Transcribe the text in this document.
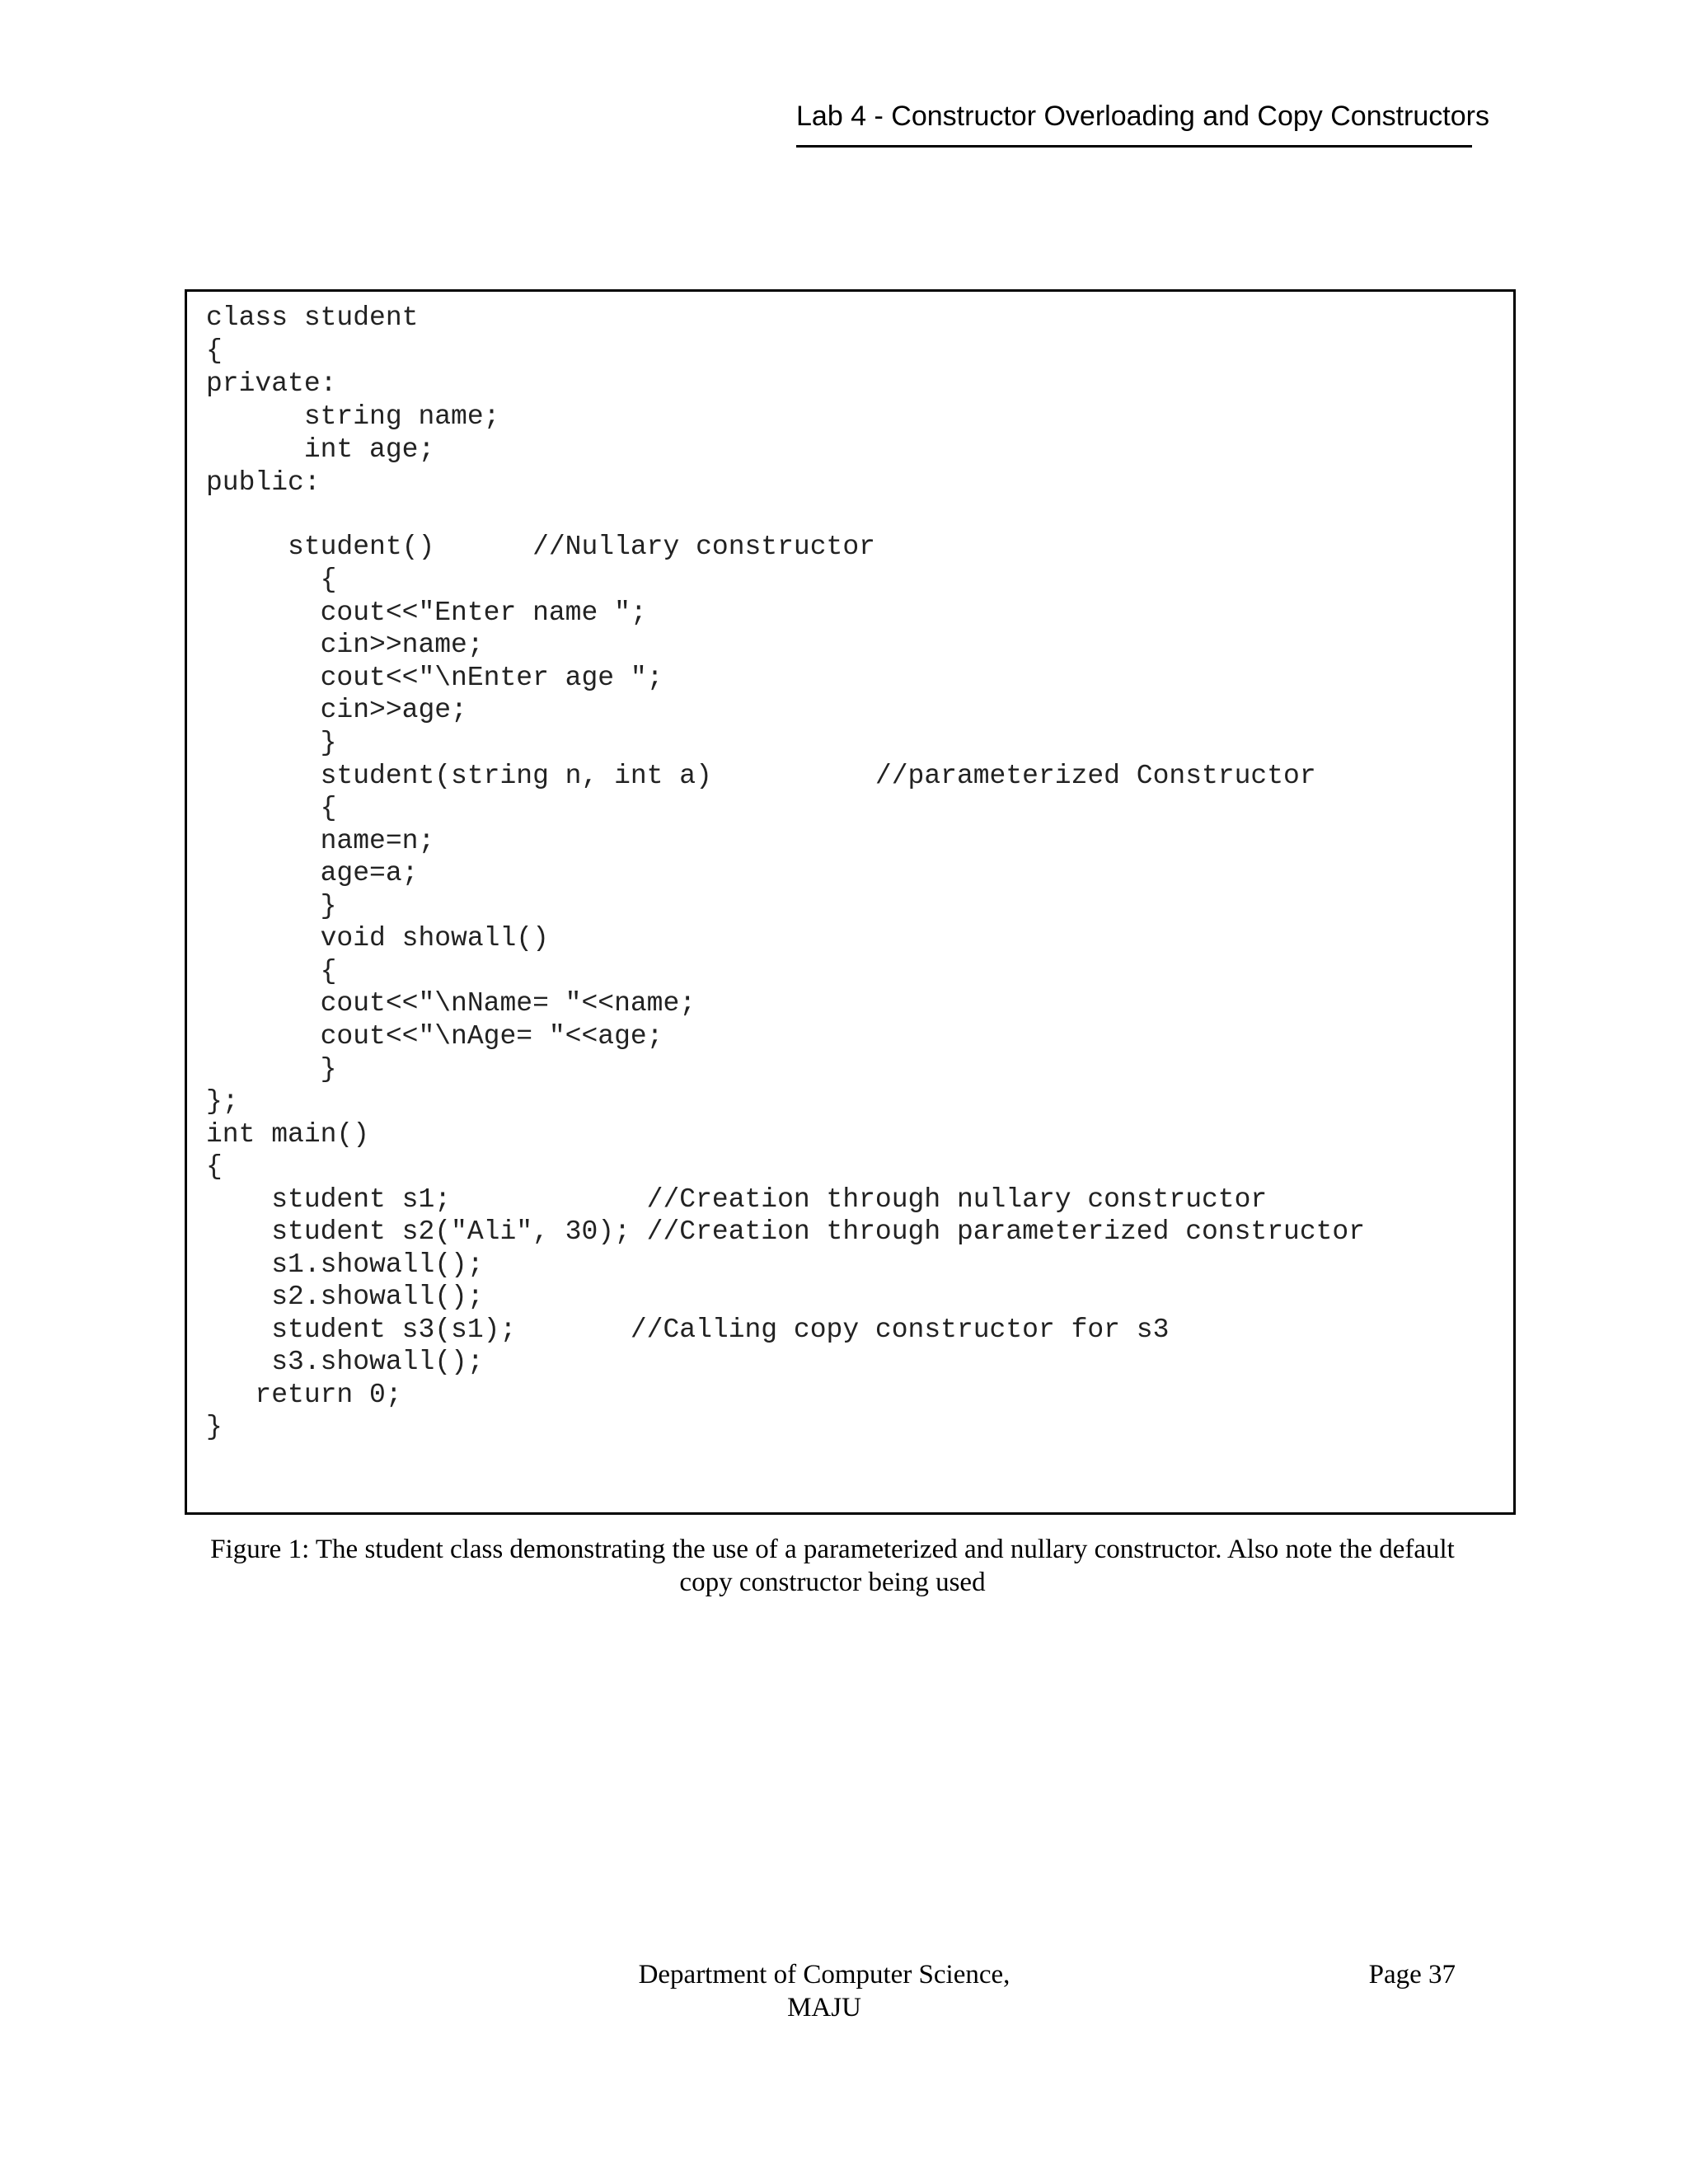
Lab 4 - Constructor Overloading and Copy Constructors
class student
{
private:
string name;
int age;
public:
student()      //Nullary constructor
{
cout<<"Enter name ";
cin>>name;
cout<<"\nEnter age ";
cin>>age;
}
student(string n, int a)          //parameterized Constructor
{
name=n;
age=a;
}
void showall()
{
cout<<"\nName= "<<name;
cout<<"\nAge= "<<age;
}
};
int main()
{
student s1;            //Creation through nullary constructor
student s2("Ali", 30); //Creation through parameterized constructor
s1.showall();
s2.showall();
student s3(s1);       //Calling copy constructor for s3
s3.showall();
return 0;
}
Figure 1: The student class demonstrating the use of a parameterized and nullary constructor. Also note the default
copy constructor being used
Department of Computer Science,
MAJU
Page 37
